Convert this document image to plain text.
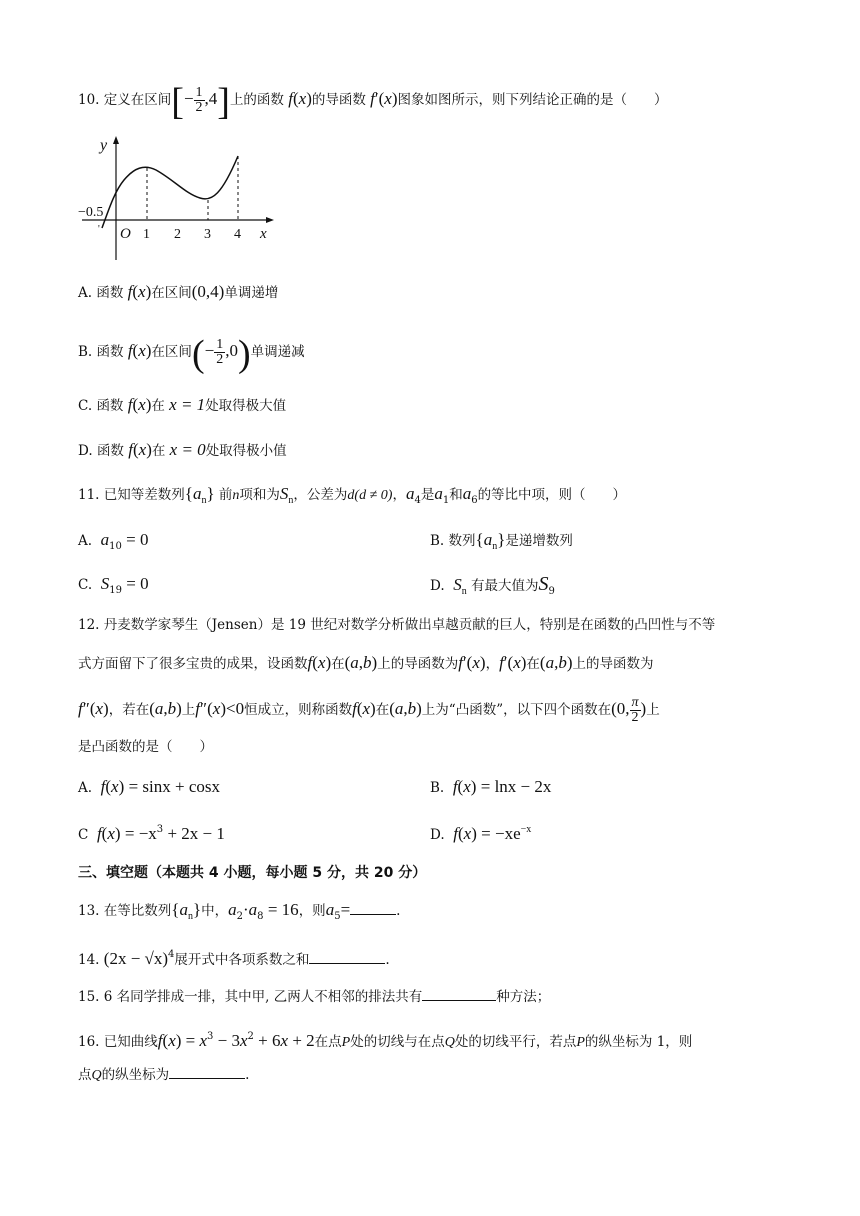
10. 定义在区间[− $\frac{1}{2} ,4$]上的函数 f(x)的导函数 f′(x)图象如图所示，则下列结论正确的是（　　）
y
−0.5
O 1 2 3 4 x
'
A. 函数 f(x)在区间(0,4)单调递增
B. 函数 f(x)在区间(− $\frac{1}{2} ,0$)单调递减
C. 函数 f(x)在 x = 1处取得极大值
D. 函数 f(x)在 x = 0处取得极小值
11. 已知等差数列$\{a_n\}$ 前n项和为$S_n$，公差为d(d ≠ 0)，$a_4$是$a_1$和$a_6$的等比中项，则（　　）
A. $a_{10} = 0$	B. 数列$\{a_n\}$是递增数列
C. $S_{19} = 0$	D. $S_n$ 有最大值为$S_9$
12. 丹麦数学家琴生（Jensen）是 19 世纪对数学分析做出卓越贡献的巨人，特别是在函数的凸凹性与不等
式方面留下了很多宝贵的成果，设函数f(x)在(a,b)上的导函数为f′(x)，f′(x)在(a,b)上的导函数为
f″(x)，若在(a,b)上f″(x)<0恒成立，则称函数f(x)在(a,b)上为“凸函数”，以下四个函数在(0, $\frac{\pi}{2}$ )上
是凸函数的是（　　）
A. f(x) = sinx + cosx	B. f(x) = lnx − 2x
C $f(x) = -x^3 + 2x - 1$	D. $f(x) = -xe^{-x}$
三、填空题（本题共 4 小题，每小题 5 分，共 20 分）
13. 在等比数列$\{a_n\}$中，$a_2\cdot a_8 = 16$，则$a_5=$	.
14. $(2x - √x)^4$展开式中各项系数之和	.
15. 6 名同学排成一排，其中甲, 乙两人不相邻的排法共有	种方法；
16. 已知曲线$f(x) = x^3 - 3x^2 + 6x + 2$在点P处的切线与在点Q处的切线平行，若点P的纵坐标为 1，则
点Q的纵坐标为	.
